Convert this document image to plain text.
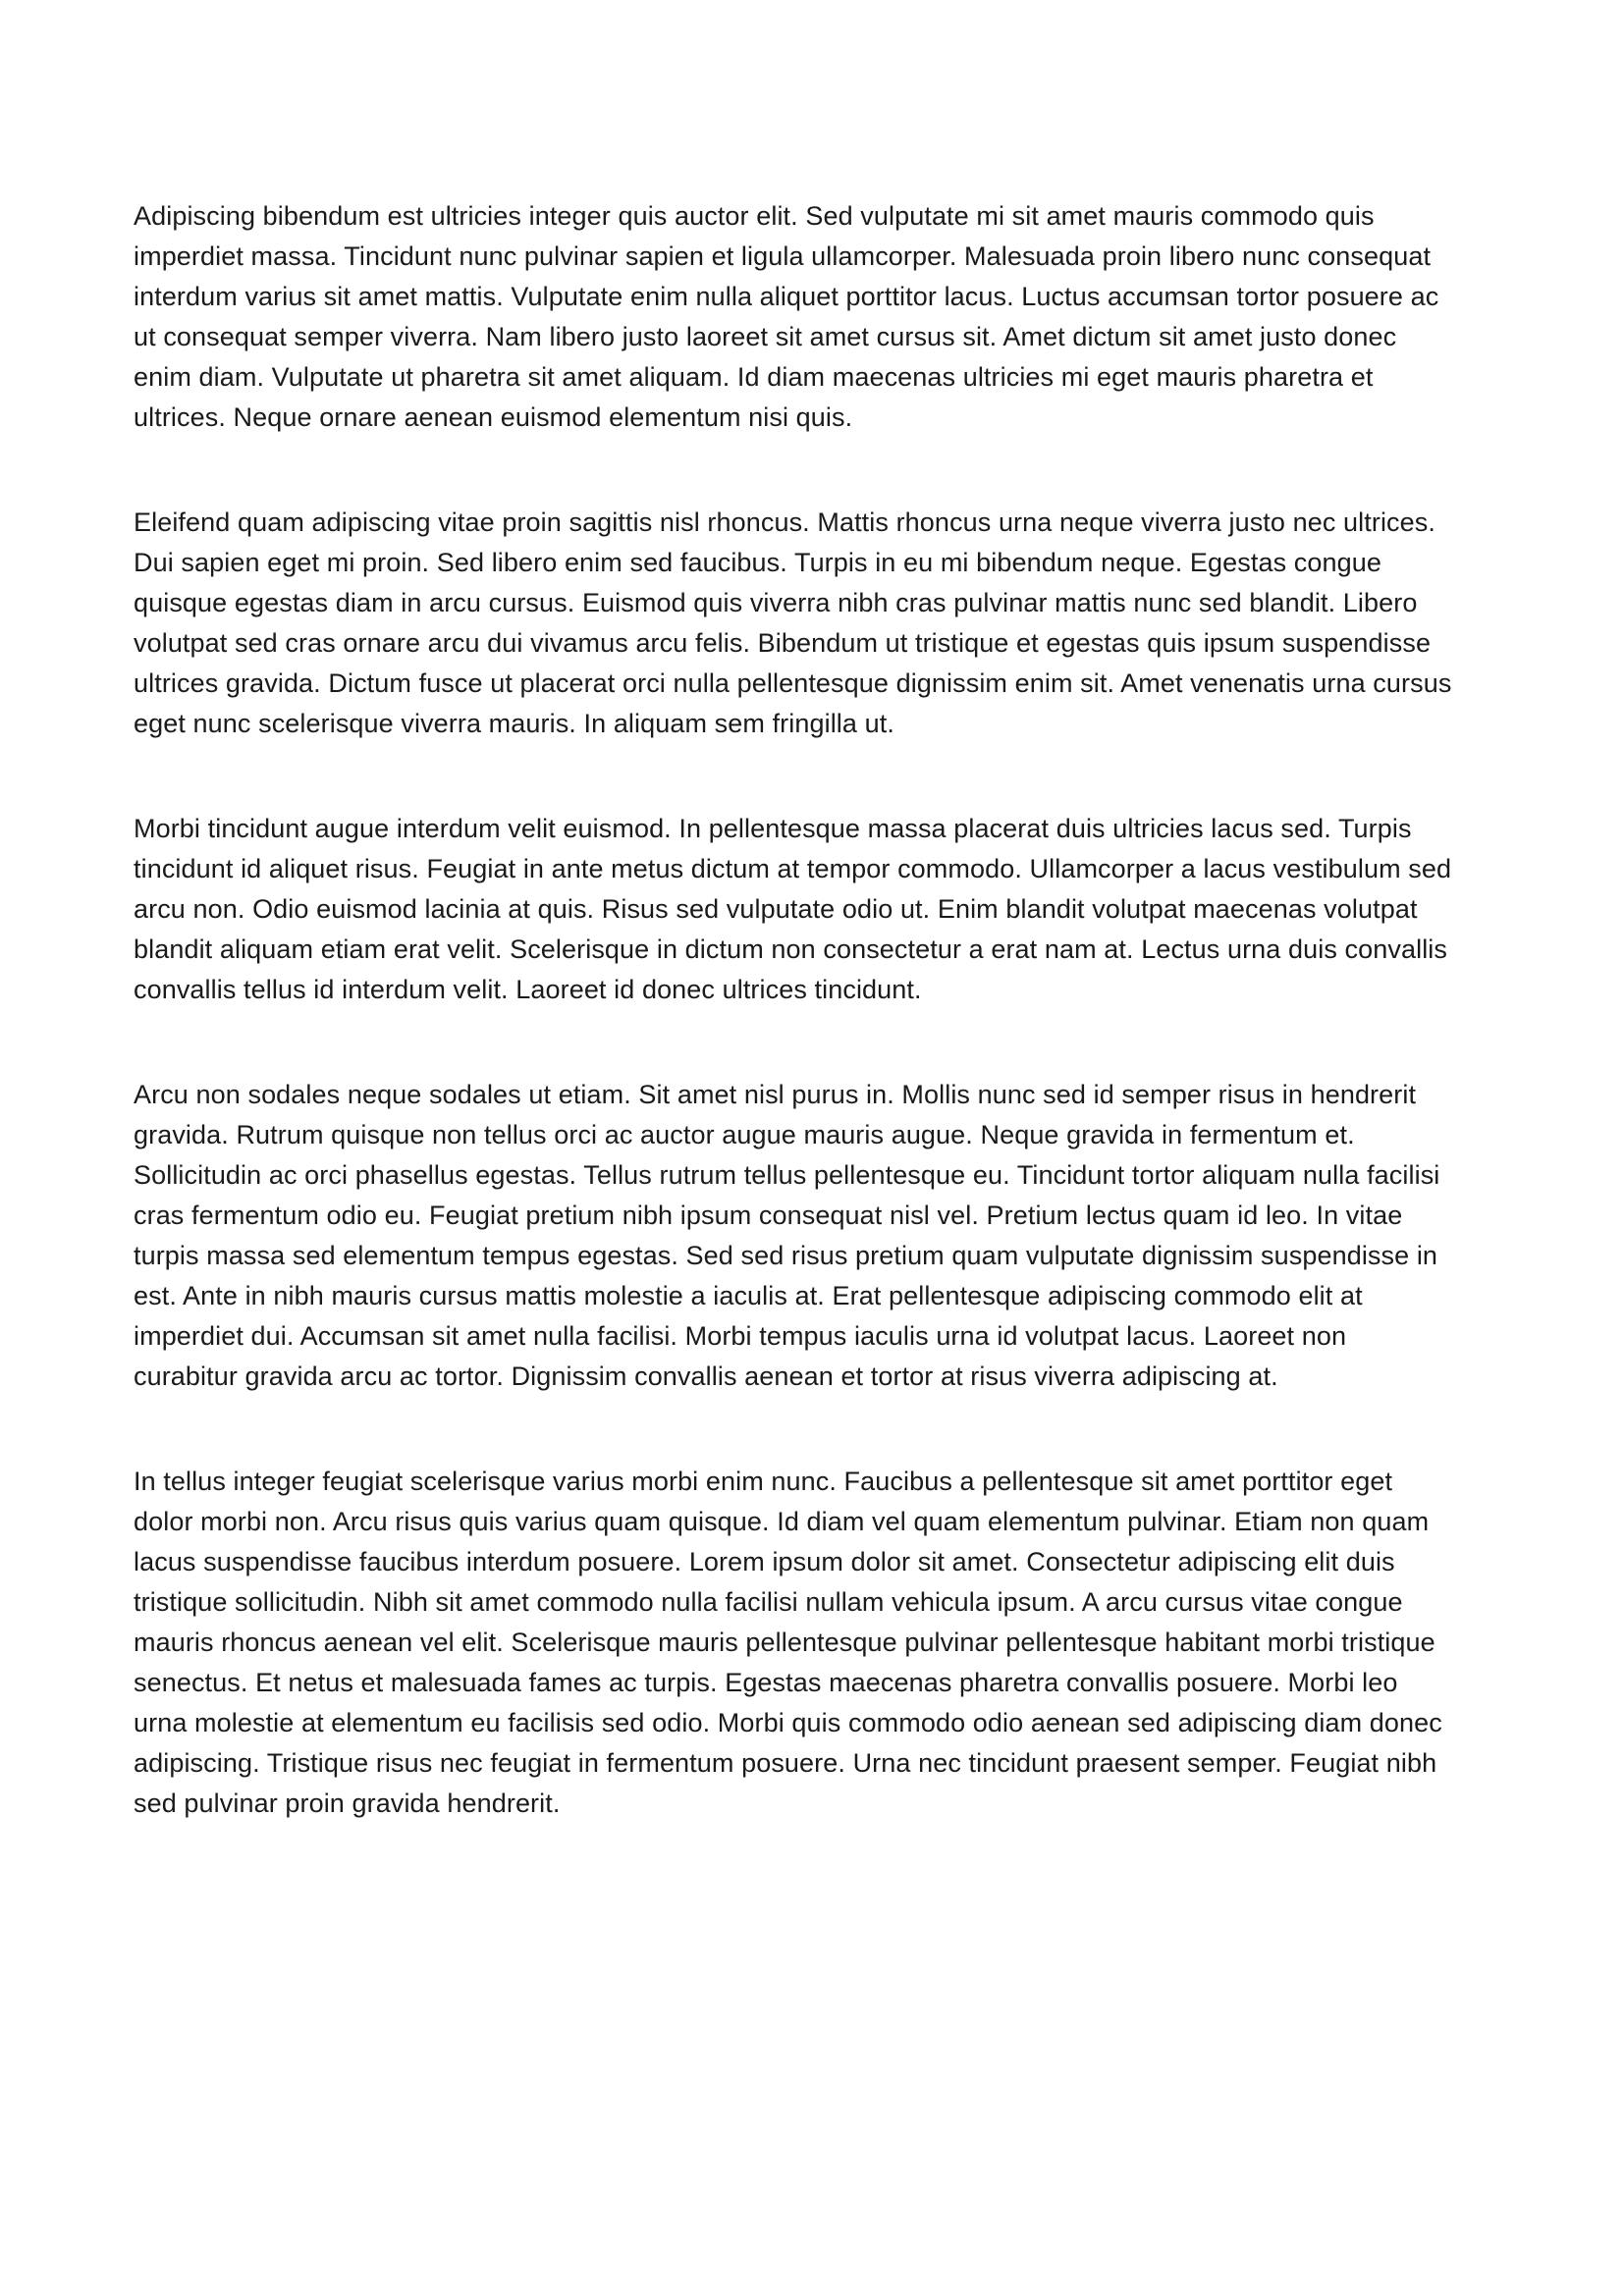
Adipiscing bibendum est ultricies integer quis auctor elit. Sed vulputate mi sit amet mauris commodo quis imperdiet massa. Tincidunt nunc pulvinar sapien et ligula ullamcorper. Malesuada proin libero nunc consequat interdum varius sit amet mattis. Vulputate enim nulla aliquet porttitor lacus. Luctus accumsan tortor posuere ac ut consequat semper viverra. Nam libero justo laoreet sit amet cursus sit. Amet dictum sit amet justo donec enim diam. Vulputate ut pharetra sit amet aliquam. Id diam maecenas ultricies mi eget mauris pharetra et ultrices. Neque ornare aenean euismod elementum nisi quis.

Eleifend quam adipiscing vitae proin sagittis nisl rhoncus. Mattis rhoncus urna neque viverra justo nec ultrices. Dui sapien eget mi proin. Sed libero enim sed faucibus. Turpis in eu mi bibendum neque. Egestas congue quisque egestas diam in arcu cursus. Euismod quis viverra nibh cras pulvinar mattis nunc sed blandit. Libero volutpat sed cras ornare arcu dui vivamus arcu felis. Bibendum ut tristique et egestas quis ipsum suspendisse ultrices gravida. Dictum fusce ut placerat orci nulla pellentesque dignissim enim sit. Amet venenatis urna cursus eget nunc scelerisque viverra mauris. In aliquam sem fringilla ut.

Morbi tincidunt augue interdum velit euismod. In pellentesque massa placerat duis ultricies lacus sed. Turpis tincidunt id aliquet risus. Feugiat in ante metus dictum at tempor commodo. Ullamcorper a lacus vestibulum sed arcu non. Odio euismod lacinia at quis. Risus sed vulputate odio ut. Enim blandit volutpat maecenas volutpat blandit aliquam etiam erat velit. Scelerisque in dictum non consectetur a erat nam at. Lectus urna duis convallis convallis tellus id interdum velit. Laoreet id donec ultrices tincidunt.

Arcu non sodales neque sodales ut etiam. Sit amet nisl purus in. Mollis nunc sed id semper risus in hendrerit gravida. Rutrum quisque non tellus orci ac auctor augue mauris augue. Neque gravida in fermentum et. Sollicitudin ac orci phasellus egestas. Tellus rutrum tellus pellentesque eu. Tincidunt tortor aliquam nulla facilisi cras fermentum odio eu. Feugiat pretium nibh ipsum consequat nisl vel. Pretium lectus quam id leo. In vitae turpis massa sed elementum tempus egestas. Sed sed risus pretium quam vulputate dignissim suspendisse in est. Ante in nibh mauris cursus mattis molestie a iaculis at. Erat pellentesque adipiscing commodo elit at imperdiet dui. Accumsan sit amet nulla facilisi. Morbi tempus iaculis urna id volutpat lacus. Laoreet non curabitur gravida arcu ac tortor. Dignissim convallis aenean et tortor at risus viverra adipiscing at.

In tellus integer feugiat scelerisque varius morbi enim nunc. Faucibus a pellentesque sit amet porttitor eget dolor morbi non. Arcu risus quis varius quam quisque. Id diam vel quam elementum pulvinar. Etiam non quam lacus suspendisse faucibus interdum posuere. Lorem ipsum dolor sit amet. Consectetur adipiscing elit duis tristique sollicitudin. Nibh sit amet commodo nulla facilisi nullam vehicula ipsum. A arcu cursus vitae congue mauris rhoncus aenean vel elit. Scelerisque mauris pellentesque pulvinar pellentesque habitant morbi tristique senectus. Et netus et malesuada fames ac turpis. Egestas maecenas pharetra convallis posuere. Morbi leo urna molestie at elementum eu facilisis sed odio. Morbi quis commodo odio aenean sed adipiscing diam donec adipiscing. Tristique risus nec feugiat in fermentum posuere. Urna nec tincidunt praesent semper. Feugiat nibh sed pulvinar proin gravida hendrerit.
